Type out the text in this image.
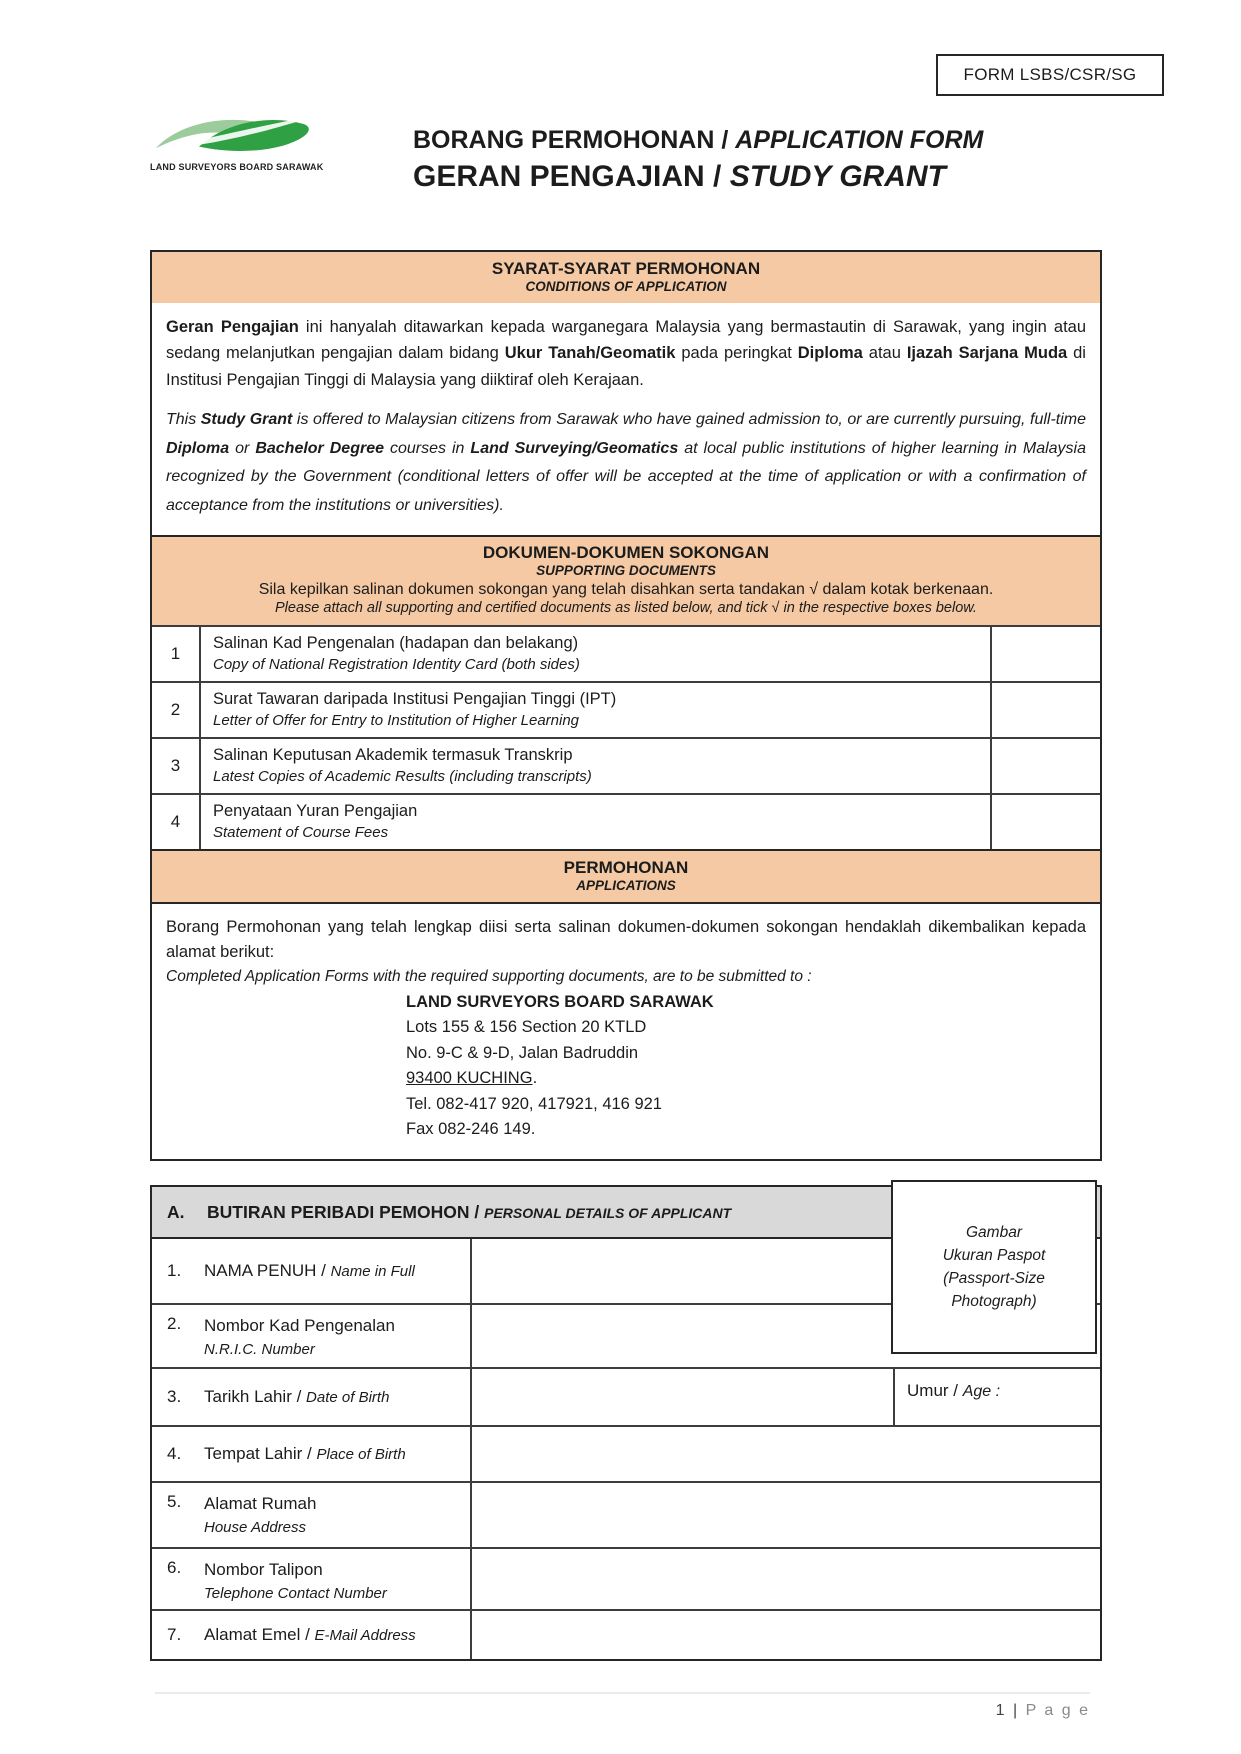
FORM LSBS/CSR/SG
LAND SURVEYORS BOARD SARAWAK
BORANG PERMOHONAN / APPLICATION FORM
GERAN PENGAJIAN / STUDY GRANT
SYARAT-SYARAT PERMOHONAN
CONDITIONS OF APPLICATION

Geran Pengajian ini hanyalah ditawarkan kepada warganegara Malaysia yang bermastautin di Sarawak, yang ingin atau sedang melanjutkan pengajian dalam bidang Ukur Tanah/Geomatik pada peringkat Diploma atau Ijazah Sarjana Muda di Institusi Pengajian Tinggi di Malaysia yang diiktiraf oleh Kerajaan.

This Study Grant is offered to Malaysian citizens from Sarawak who have gained admission to, or are currently pursuing, full-time Diploma or Bachelor Degree courses in Land Surveying/Geomatics at local public institutions of higher learning in Malaysia recognized by the Government (conditional letters of offer will be accepted at the time of application or with a confirmation of acceptance from the institutions or universities).

DOKUMEN-DOKUMEN SOKONGAN
SUPPORTING DOCUMENTS
Sila kepilkan salinan dokumen sokongan yang telah disahkan serta tandakan √ dalam kotak berkenaan.
Please attach all supporting and certified documents as listed below, and tick √ in the respective boxes below.
1
Salinan Kad Pengenalan (hadapan dan belakang)
Copy of National Registration Identity Card (both sides)
2
Surat Tawaran daripada Institusi Pengajian Tinggi (IPT)
Letter of Offer for Entry to Institution of Higher Learning
3
Salinan Keputusan Akademik termasuk Transkrip
Latest Copies of Academic Results (including transcripts)
4
Penyataan Yuran Pengajian
Statement of Course Fees
PERMOHONAN
APPLICATIONS

Borang Permohonan yang telah lengkap diisi serta salinan dokumen-dokumen sokongan hendaklah dikembalikan kepada alamat berikut:

Completed Application Forms with the required supporting documents, are to be submitted to :

LAND SURVEYORS BOARD SARAWAK
Lots 155 & 156 Section 20 KTLD
No. 9-C & 9-D, Jalan Badruddin
93400 KUCHING.
Tel. 082-417 920, 417921, 416 921
Fax 082-246 149.
A.	BUTIRAN PERIBADI PEMOHON / PERSONAL DETAILS OF APPLICANT
1.	NAMA PENUH / Name in Full
2.	Nombor Kad Pengenalan
N.R.I.C. Number
3.	Tarikh Lahir / Date of Birth	Umur / Age :
4.	Tempat Lahir / Place of Birth
5.	Alamat Rumah
House Address
6.	Nombor Talipon
Telephone Contact Number
7.	Alamat Emel / E-Mail Address
Gambar
Ukuran Paspot
(Passport-Size
Photograph)
1 | P a g e
